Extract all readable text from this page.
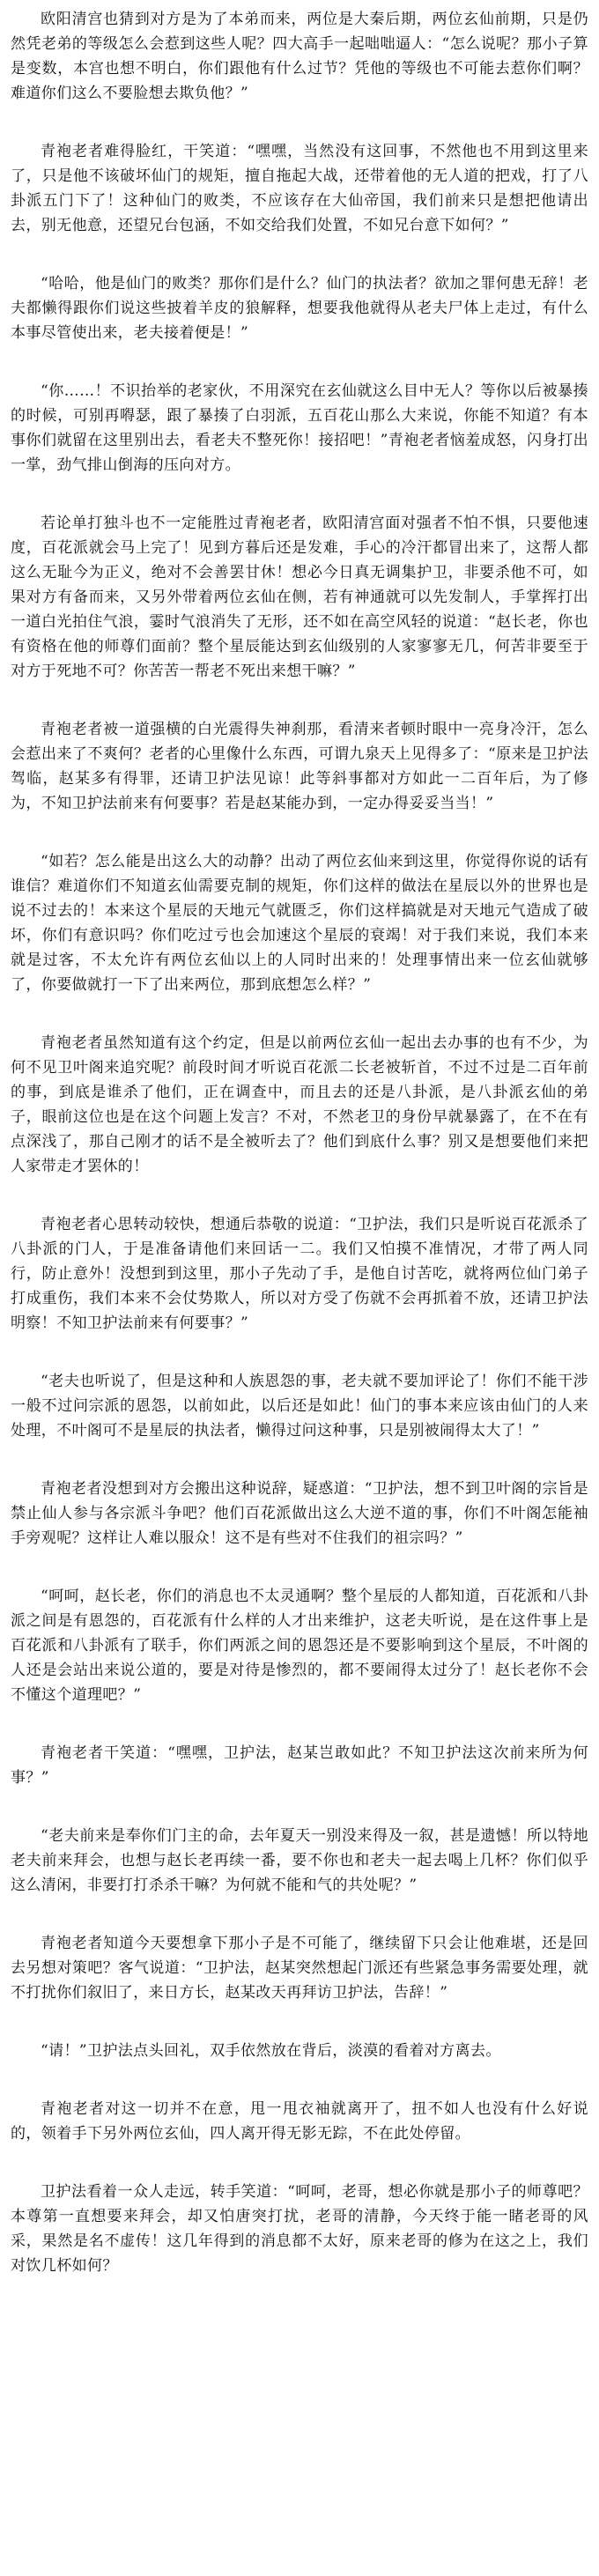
欧阳清宫也猜到对方是为了本弟而来，两位是大秦后期，两位玄仙前期，只是仍然凭老弟的等级怎么会惹到这些人呢？四大高手一起咄咄逼人：“怎么说呢？那小子算是变数，本宫也想不明白，你们跟他有什么过节？凭他的等级也不可能去惹你们啊？难道你们这么不要脸想去欺负他？”

青袍老者难得脸红，干笑道：“嘿嘿，当然没有这回事，不然他也不用到这里来了，只是他不该破坏仙门的规矩，擅自拖起大战，还带着他的无人道的把戏，打了八卦派五门下了！这种仙门的败类，不应该存在大仙帝国，我们前来只是想把他请出去，别无他意，还望兄台包涵，不如交给我们处置，不如兄台意下如何？”

“哈哈，他是仙门的败类？那你们是什么？仙门的执法者？欲加之罪何患无辞！老夫都懒得跟你们说这些披着羊皮的狼解释，想要我他就得从老夫尸体上走过，有什么本事尽管使出来，老夫接着便是！”

“你……！不识抬举的老家伙，不用深究在玄仙就这么目中无人？等你以后被暴揍的时候，可别再嘚瑟，跟了暴揍了白羽派，五百花山那么大来说，你能不知道？有本事你们就留在这里别出去，看老夫不整死你！接招吧！”青袍老者恼羞成怒，闪身打出一掌，劲气排山倒海的压向对方。

若论单打独斗也不一定能胜过青袍老者，欧阳清宫面对强者不怕不惧，只要他速度，百花派就会马上完了！见到方暮后还是发难，手心的冷汗都冒出来了，这帮人都这么无耻今为正义，绝对不会善罢甘休！想必今日真无调集护卫，非要杀他不可，如果对方有备而来，又另外带着两位玄仙在侧，若有神通就可以先发制人，手掌挥打出一道白光拍住气浪，霎时气浪消失了无形，还不如在高空风轻的说道：“赵长老，你也有资格在他的师尊们面前？整个星辰能达到玄仙级别的人家寥寥无几，何苦非要至于对方于死地不可？你苦苦一帮老不死出来想干嘛？”

青袍老者被一道强横的白光震得失神刹那，看清来者顿时眼中一亮身冷汗，怎么会惹出来了不爽何？老者的心里像什么东西，可谓九泉天上见得多了：“原来是卫护法驾临，赵某多有得罪，还请卫护法见谅！此等斜事都对方如此一二百年后，为了修为，不知卫护法前来有何要事？若是赵某能办到，一定办得妥妥当当！”

“如若？怎么能是出这么大的动静？出动了两位玄仙来到这里，你觉得你说的话有谁信？难道你们不知道玄仙需要克制的规矩，你们这样的做法在星辰以外的世界也是说不过去的！本来这个星辰的天地元气就匮乏，你们这样搞就是对天地元气造成了破坏，你们有意识吗？你们吃过亏也会加速这个星辰的衰竭！对于我们来说，我们本来就是过客，不太允许有两位玄仙以上的人同时出来的！处理事情出来一位玄仙就够了，你要做就打一下了出来两位，那到底想怎么样？”

青袍老者虽然知道有这个约定，但是以前两位玄仙一起出去办事的也有不少，为何不见卫叶阁来追究呢？前段时间才听说百花派二长老被斩首，不过不过是二百年前的事，到底是谁杀了他们，正在调查中，而且去的还是八卦派，是八卦派玄仙的弟子，眼前这位也是在这个问题上发言？不对，不然老卫的身份早就暴露了，在不在有点深浅了，那自己刚才的话不是全被听去了？他们到底什么事？别又是想要他们来把人家带走才罢休的！

青袍老者心思转动较快，想通后恭敬的说道：“卫护法，我们只是听说百花派杀了八卦派的门人，于是准备请他们来回话一二。我们又怕摸不准情况，才带了两人同行，防止意外！没想到到这里，那小子先动了手，是他自讨苦吃，就将两位仙门弟子打成重伤，我们本来不会仗势欺人，所以对方受了伤就不会再抓着不放，还请卫护法明察！不知卫护法前来有何要事？”

“老夫也听说了，但是这种和人族恩怨的事，老夫就不要加评论了！你们不能干涉一般不过问宗派的恩怨，以前如此，以后还是如此！仙门的事本来应该由仙门的人来处理，不叶阁可不是星辰的执法者，懒得过问这种事，只是别被闹得太大了！”

青袍老者没想到对方会搬出这种说辞，疑惑道：“卫护法，想不到卫叶阁的宗旨是禁止仙人参与各宗派斗争吧？他们百花派做出这么大逆不道的事，你们不叶阁怎能袖手旁观呢？这样让人难以服众！这不是有些对不住我们的祖宗吗？”

“呵呵，赵长老，你们的消息也不太灵通啊？整个星辰的人都知道，百花派和八卦派之间是有恩怨的，百花派有什么样的人才出来维护，这老夫听说，是在这件事上是百花派和八卦派有了联手，你们两派之间的恩怨还是不要影响到这个星辰，不叶阁的人还是会站出来说公道的，要是对待是惨烈的，都不要闹得太过分了！赵长老你不会不懂这个道理吧？”

青袍老者干笑道：“嘿嘿，卫护法，赵某岂敢如此？不知卫护法这次前来所为何事？”

“老夫前来是奉你们门主的命，去年夏天一别没来得及一叙，甚是遗憾！所以特地老夫前来拜会，也想与赵长老再续一番，要不你也和老夫一起去喝上几杯？你们似乎这么清闲，非要打打杀杀干嘛？为何就不能和气的共处呢？”

青袍老者知道今天要想拿下那小子是不可能了，继续留下只会让他难堪，还是回去另想对策吧？客气说道：“卫护法，赵某突然想起门派还有些紧急事务需要处理，就不打扰你们叙旧了，来日方长，赵某改天再拜访卫护法，告辞！”

“请！”卫护法点头回礼，双手依然放在背后，淡漠的看着对方离去。

青袍老者对这一切并不在意，甩一甩衣袖就离开了，扭不如人也没有什么好说的，领着手下另外两位玄仙，四人离开得无影无踪，不在此处停留。

卫护法看着一众人走远，转手笑道：“呵呵，老哥，想必你就是那小子的师尊吧？本尊第一直想要来拜会，却又怕唐突打扰，老哥的清静，今天终于能一睹老哥的风采，果然是名不虚传！这几年得到的消息都不太好，原来老哥的修为在这之上，我们对饮几杯如何？
